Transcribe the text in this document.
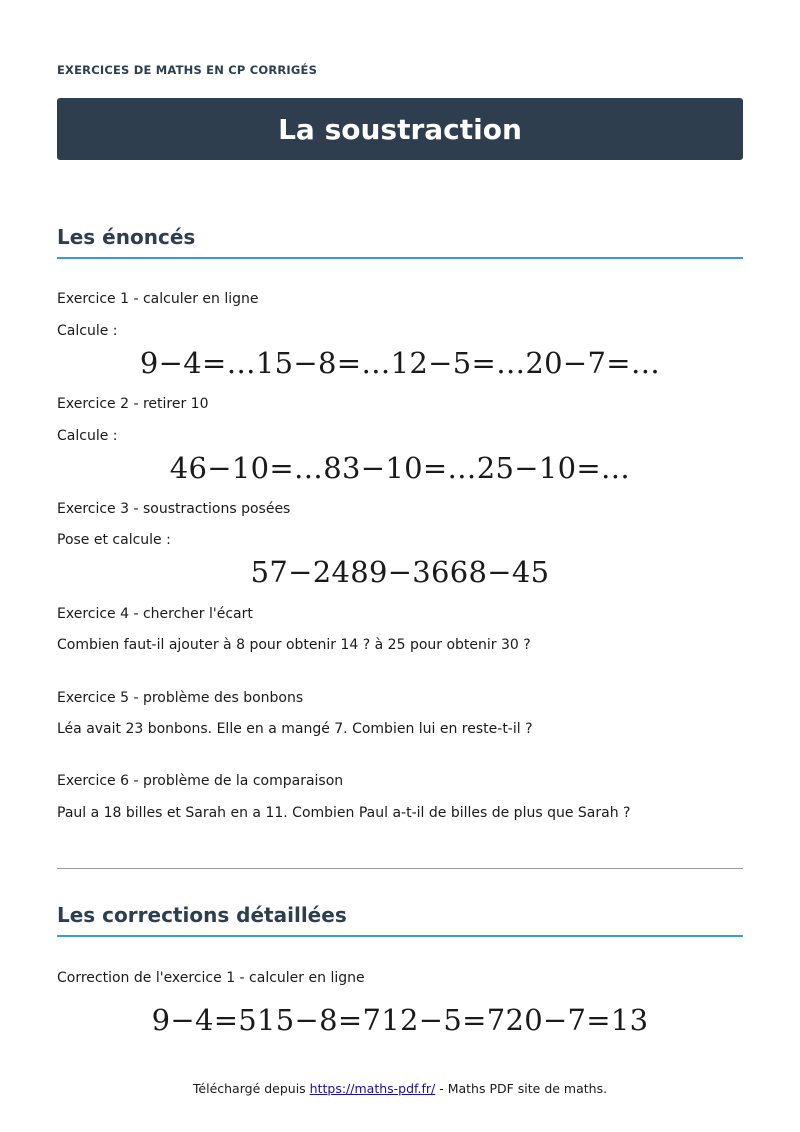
EXERCICES DE MATHS EN CP CORRIGÉS
La soustraction
Les énoncés
Exercice 1 - calculer en ligne
Calcule :
9−4=…15−8=…12−5=…20−7=…
Exercice 2 - retirer 10
Calcule :
46−10=…83−10=…25−10=…
Exercice 3 - soustractions posées
Pose et calcule :
57−2489−3668−45
Exercice 4 - chercher l'écart
Combien faut-il ajouter à 8 pour obtenir 14 ? à 25 pour obtenir 30 ?
Exercice 5 - problème des bonbons
Léa avait 23 bonbons. Elle en a mangé 7. Combien lui en reste-t-il ?
Exercice 6 - problème de la comparaison
Paul a 18 billes et Sarah en a 11. Combien Paul a-t-il de billes de plus que Sarah ?
Les corrections détaillées
Correction de l'exercice 1 - calculer en ligne
9−4=515−8=712−5=720−7=13
Téléchargé depuis https://maths-pdf.fr/ - Maths PDF site de maths.
